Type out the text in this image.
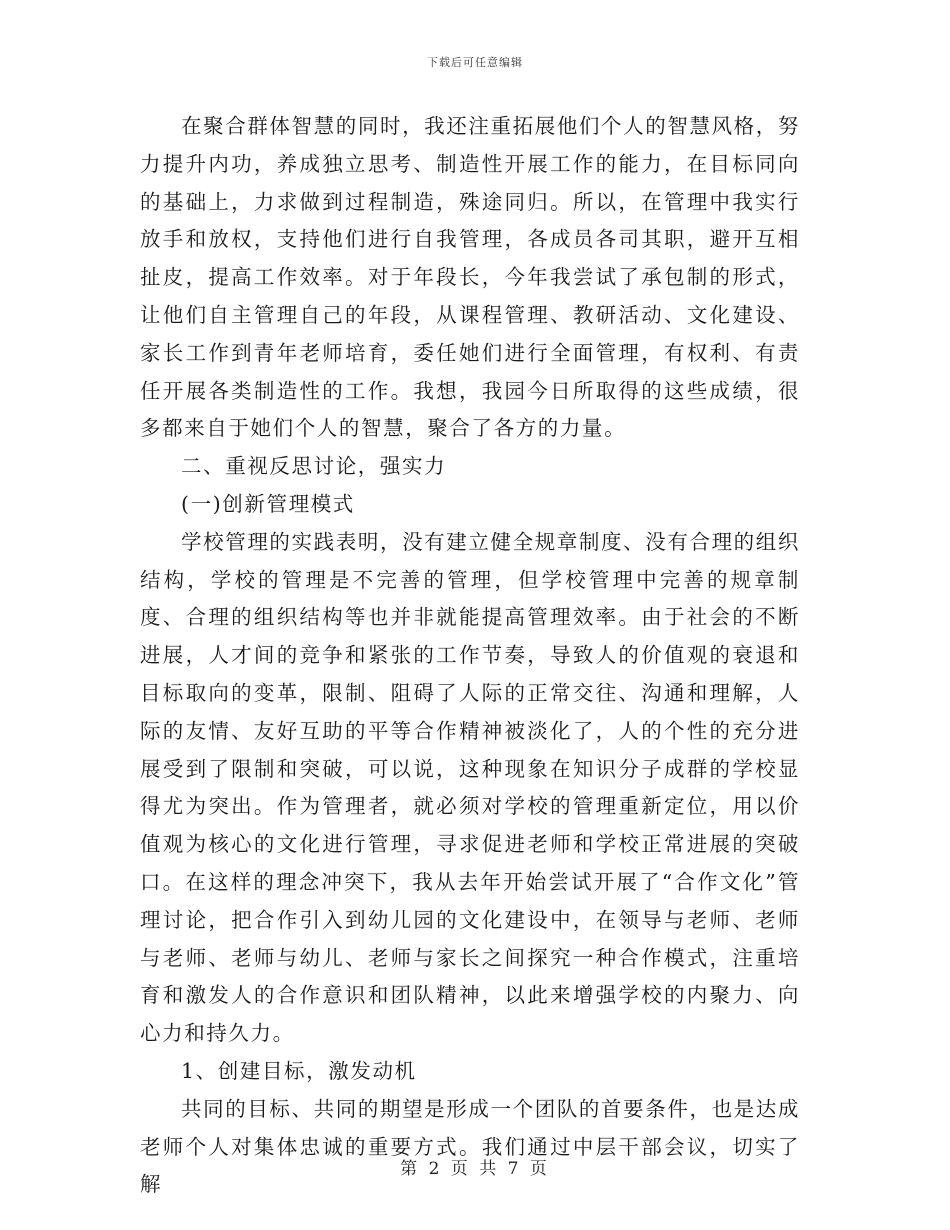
下载后可任意编辑

在聚合群体智慧的同时，我还注重拓展他们个人的智慧风格，努力提升内功，养成独立思考、制造性开展工作的能力，在目标同向的基础上，力求做到过程制造，殊途同归。所以，在管理中我实行放手和放权，支持他们进行自我管理，各成员各司其职，避开互相扯皮，提高工作效率。对于年段长，今年我尝试了承包制的形式，让他们自主管理自己的年段，从课程管理、教研活动、文化建设、家长工作到青年老师培育，委任她们进行全面管理，有权利、有责任开展各类制造性的工作。我想，我园今日所取得的这些成绩，很多都来自于她们个人的智慧，聚合了各方的力量。

二、重视反思讨论，强实力

(一)创新管理模式

学校管理的实践表明，没有建立健全规章制度、没有合理的组织结构，学校的管理是不完善的管理，但学校管理中完善的规章制度、合理的组织结构等也并非就能提高管理效率。由于社会的不断进展，人才间的竞争和紧张的工作节奏，导致人的价值观的衰退和目标取向的变革，限制、阻碍了人际的正常交往、沟通和理解，人际的友情、友好互助的平等合作精神被淡化了，人的个性的充分进展受到了限制和突破，可以说，这种现象在知识分子成群的学校显得尤为突出。作为管理者，就必须对学校的管理重新定位，用以价值观为核心的文化进行管理，寻求促进老师和学校正常进展的突破口。在这样的理念冲突下，我从去年开始尝试开展了“合作文化”管理讨论，把合作引入到幼儿园的文化建设中，在领导与老师、老师与老师、老师与幼儿、老师与家长之间探究一种合作模式，注重培育和激发人的合作意识和团队精神，以此来增强学校的内聚力、向心力和持久力。

1、创建目标，激发动机

共同的目标、共同的期望是形成一个团队的首要条件，也是达成老师个人对集体忠诚的重要方式。我们通过中层干部会议，切实了解

第 2 页 共 7 页
